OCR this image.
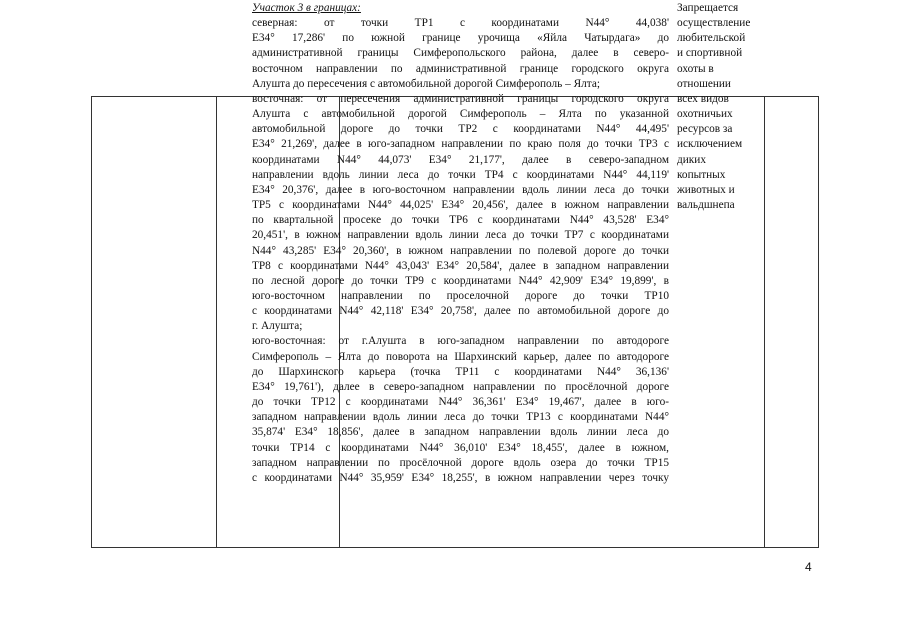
Участок 3 в границах:
северная: от точки ТР1 с координатами N44° 44,038'
E34° 17,286' по южной границе урочища «Яйла Чатырдага» до
административной границы Симферопольского района, далее в северо-
восточном направлении по административной границе городского округа
Алушта до пересечения с автомобильной дорогой Симферополь – Ялта;
восточная: от пересечения административной границы городского округа
Алушта с автомобильной дорогой Симферополь – Ялта по указанной
автомобильной дороге до точки ТР2 с координатами N44° 44,495'
E34° 21,269', далее в юго-западном направлении по краю поля до точки ТР3 с
координатами N44° 44,073' E34° 21,177', далее в северо-западном
направлении вдоль линии леса до точки ТР4 с координатами N44° 44,119'
E34° 20,376', далее в юго-восточном направлении вдоль линии леса до точки
ТР5 с координатами N44° 44,025' E34° 20,456', далее в южном направлении
по квартальной просеке до точки ТР6 с координатами N44° 43,528' E34°
20,451', в южном направлении вдоль линии леса до точки ТР7 с координатами
N44° 43,285' E34° 20,360', в южном направлении по полевой дороге до точки
ТР8 с координатами N44° 43,043' E34° 20,584', далее в западном направлении
по лесной дороге до точки ТР9 с координатами N44° 42,909' E34° 19,899', в
юго-восточном направлении по проселочной дороге до точки ТР10
с координатами N44° 42,118' E34° 20,758', далее по автомобильной дороге до
г. Алушта;
юго-восточная: от г.Алушта в юго-западном направлении по автодороге
Симферополь – Ялта до поворота на Шархинский карьер, далее по автодороге
до Шархинского карьера (точка ТР11 с координатами N44° 36,136'
E34° 19,761'), далее в северо-западном направлении по просёлочной дороге
до точки ТР12 с координатами N44° 36,361' E34° 19,467', далее в юго-
западном направлении вдоль линии леса до точки ТР13 с координатами N44°
35,874' E34° 18,856', далее в западном направлении вдоль линии леса до
точки ТР14 с координатами N44° 36,010' E34° 18,455', далее в южном,
западном направлении по просёлочной дороге вдоль озера до точки ТР15
с координатами N44° 35,959' E34° 18,255', в южном направлении через точку
Запрещается
осуществление
любительской
и спортивной
охоты в
отношении
всех видов
охотничьих
ресурсов за
исключением
диких
копытных
животных и
вальдшнепа
4
